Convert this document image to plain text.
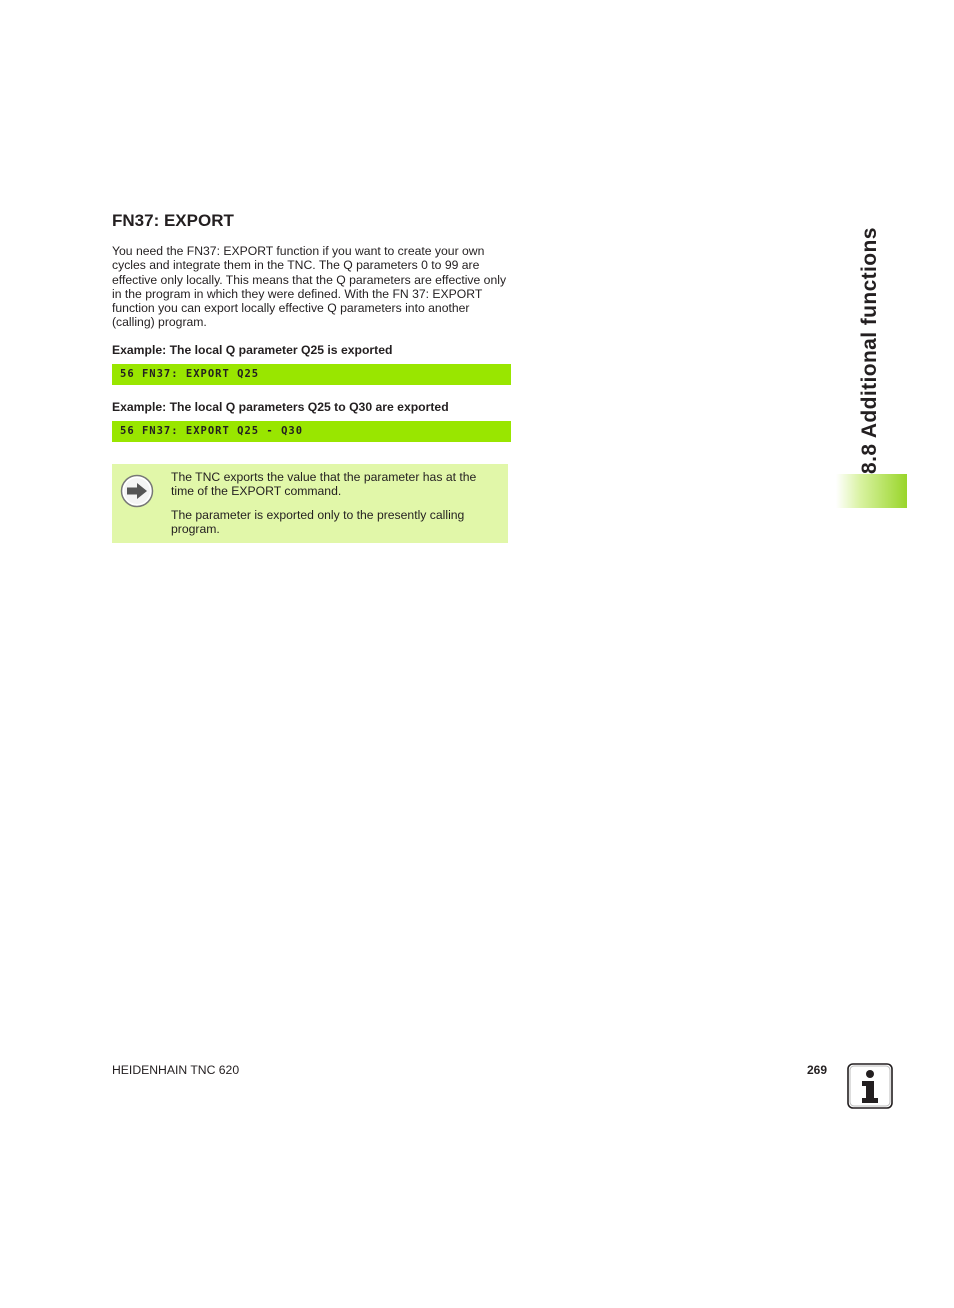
FN37: EXPORT

You need the FN37: EXPORT function if you want to create your own cycles and integrate them in the TNC. The Q parameters 0 to 99 are effective only locally. This means that the Q parameters are effective only in the program in which they were defined. With the FN 37: EXPORT function you can export locally effective Q parameters into another (calling) program.

Example: The local Q parameter Q25 is exported

56 FN37: EXPORT Q25

Example: The local Q parameters Q25 to Q30 are exported

56 FN37: EXPORT Q25 - Q30

The TNC exports the value that the parameter has at the time of the EXPORT command.

The parameter is exported only to the presently calling program.

8.8 Additional functions
HEIDENHAIN TNC 620	269
